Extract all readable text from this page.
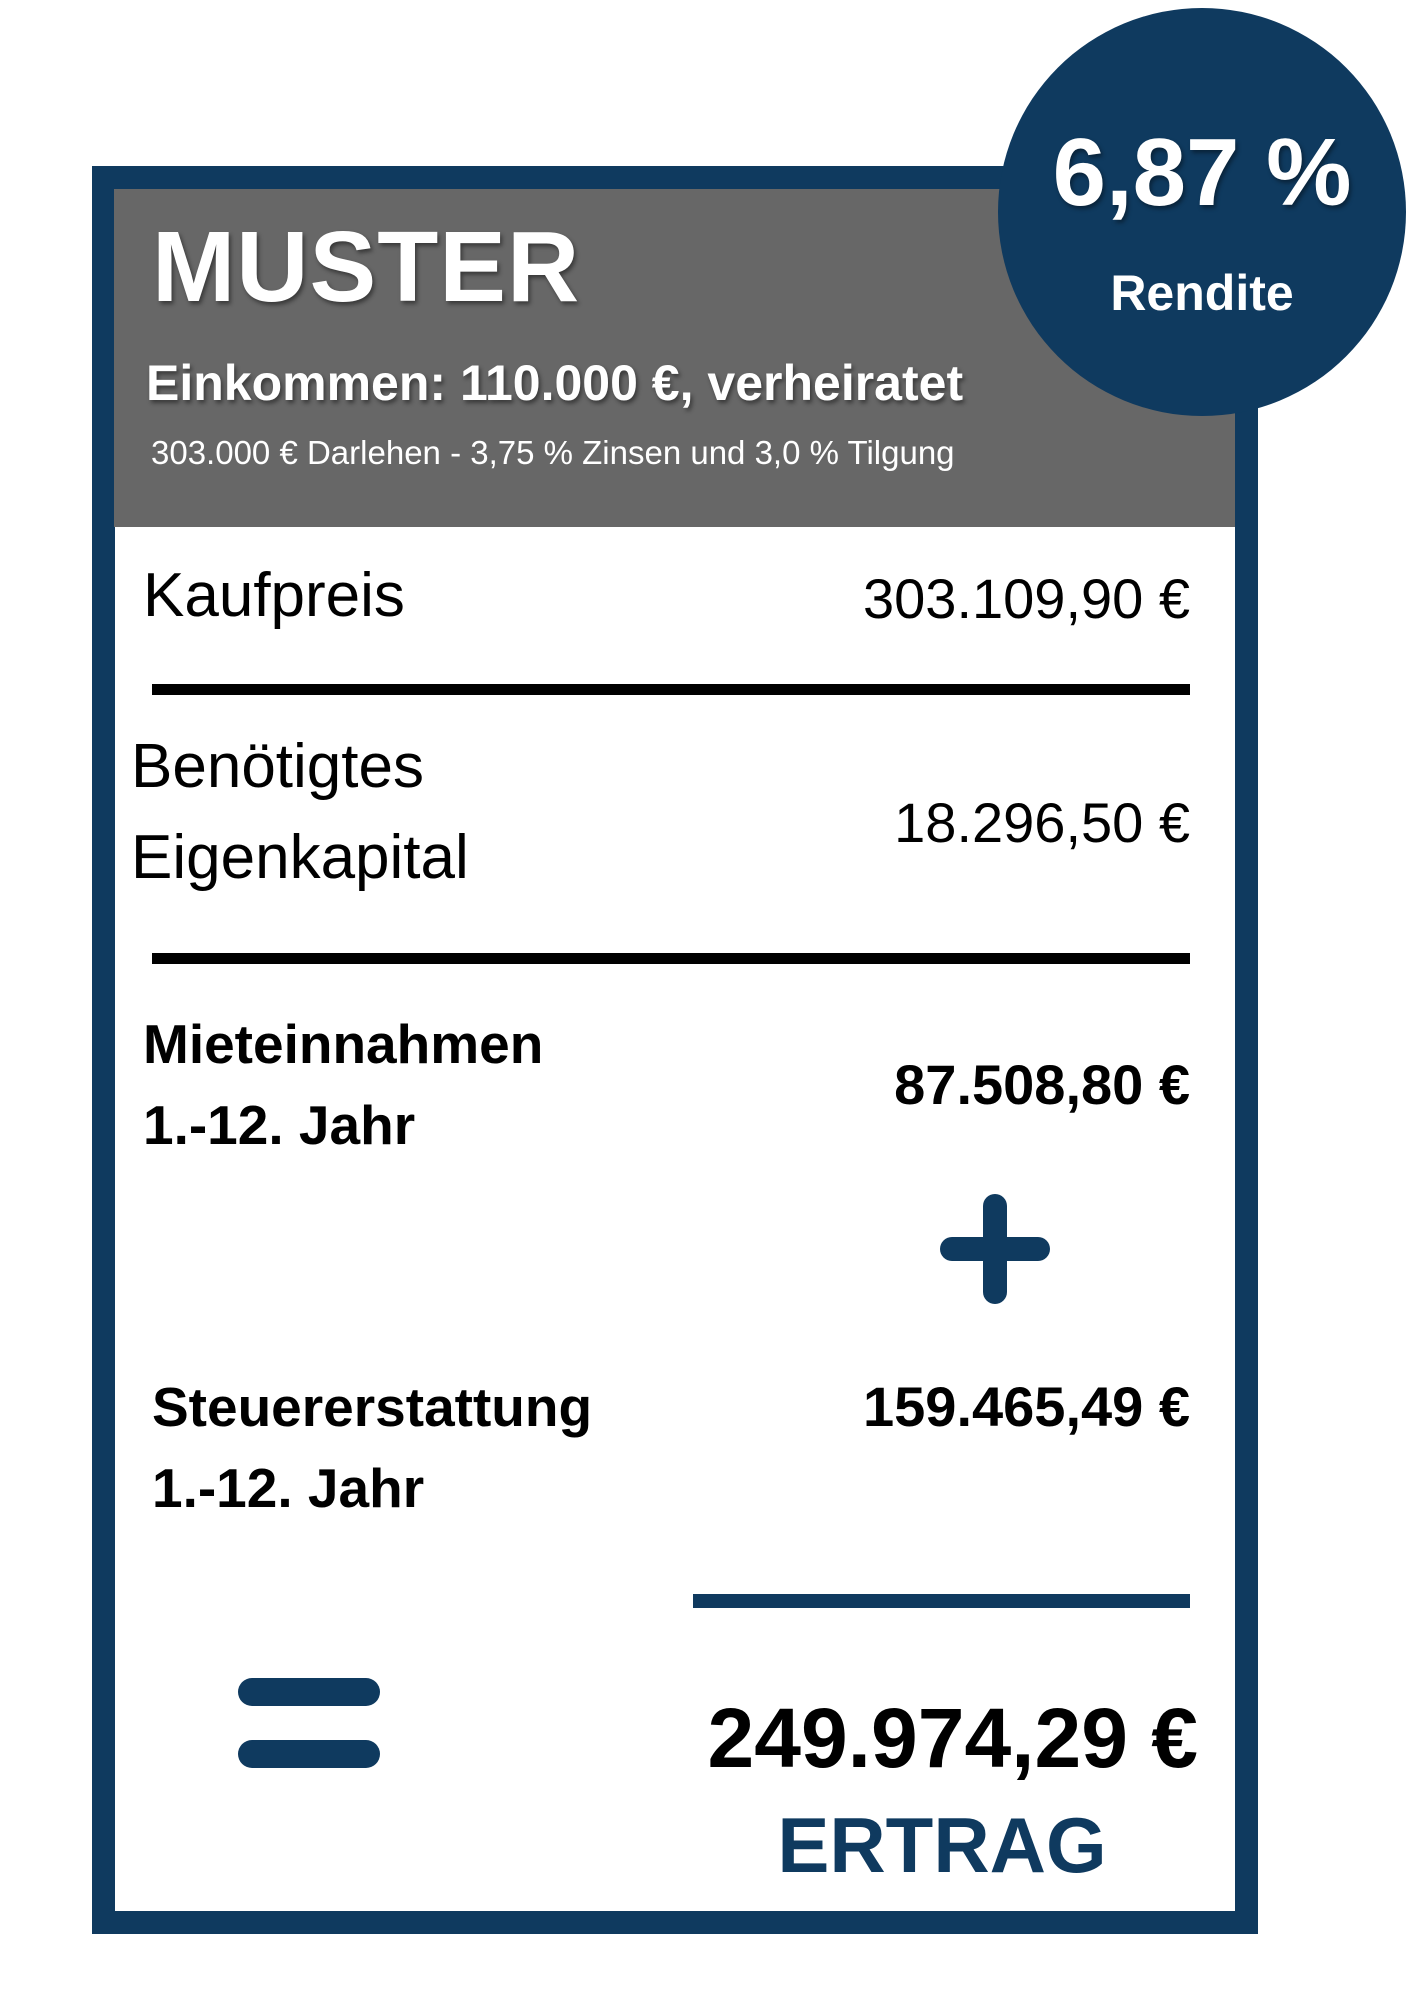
MUSTER
Einkommen: 110.000 €, verheiratet
303.000 € Darlehen - 3,75 % Zinsen und 3,0 % Tilgung
6,87 %
Rendite
Kaufpreis	303.109,90 €
Benötigtes
Eigenkapital
18.296,50 €
Mieteinnahmen
1.-12. Jahr
87.508,80 €
Steuererstattung
1.-12. Jahr
159.465,49 €
249.974,29 €
ERTRAG
